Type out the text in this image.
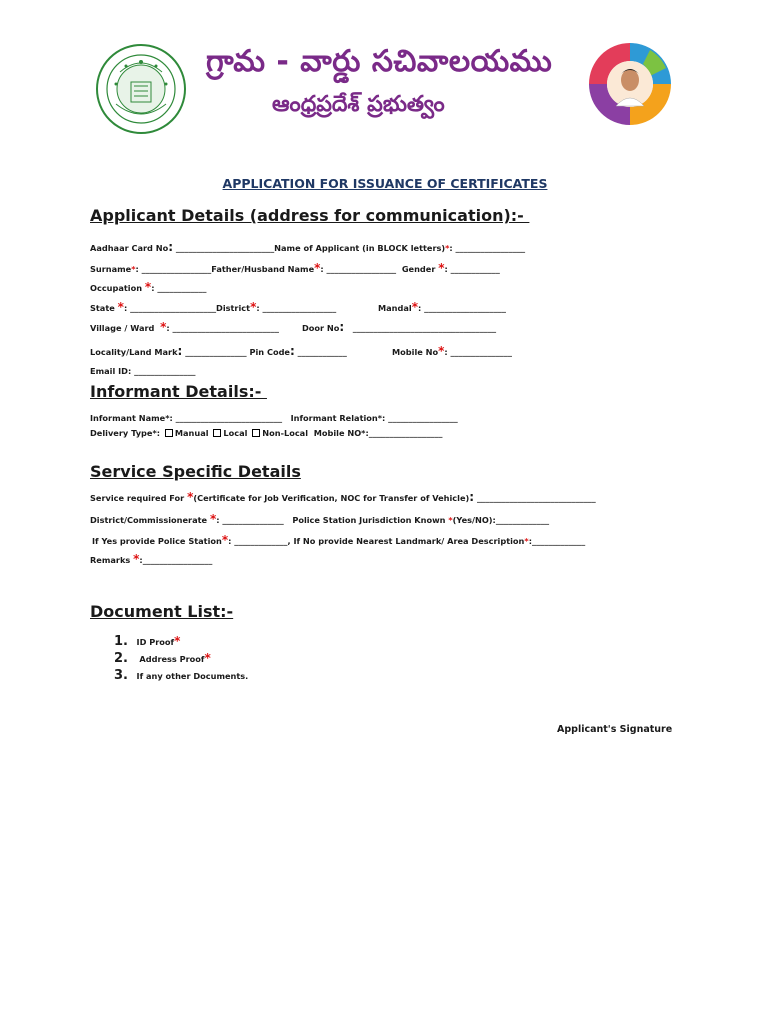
గ్రామ - వార్డు సచివాలయము
ఆంధ్రప్రదేశ్ ప్రభుత్వం
APPLICATION FOR ISSUANCE OF CERTIFICATES
Applicant Details (address for communication):-
Aadhaar Card No: ________________________Name of Applicant (in BLOCK letters)*: _________________
Surname*: _________________Father/Husband Name*: _________________ Gender *: ____________
Occupation *: ____________
State *: _____________________District*: __________________	Mandal*: ____________________
Village / Ward *: __________________________	Door No: ___________________________________
Locality/Land Mark: _______________ Pin Code: ____________	Mobile No*: _______________
Email ID: _______________
Informant Details:-
Informant Name*: __________________________ Informant Relation*: _________________
Delivery Type*: Manual Local Non-Local Mobile NO*:__________________
Service Specific Details
Service required For *(Certificate for Job Verification, NOC for Transfer of Vehicle): _____________________________
District/Commissionerate *: _______________ Police Station Jurisdiction Known *(Yes/NO):_____________
If Yes provide Police Station*: _____________, If No provide Nearest Landmark/ Area Description*:_____________
Remarks *:_________________
Document List:-
1. ID Proof*
2. Address Proof*
3. If any other Documents.
Applicant's Signature
